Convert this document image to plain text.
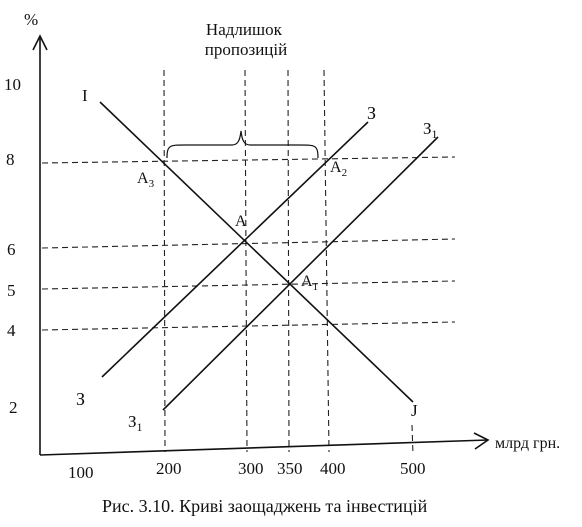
%
10
8
6
5
4
2
100	200	300 350 400	500
млрд грн.
Надлишок пропозицій
I
J
З
З
$З_1$
$З_1$
A
$A_1$
$A_2$
$A_3$
Рис. 3.10. Криві заощаджень та інвестицій
